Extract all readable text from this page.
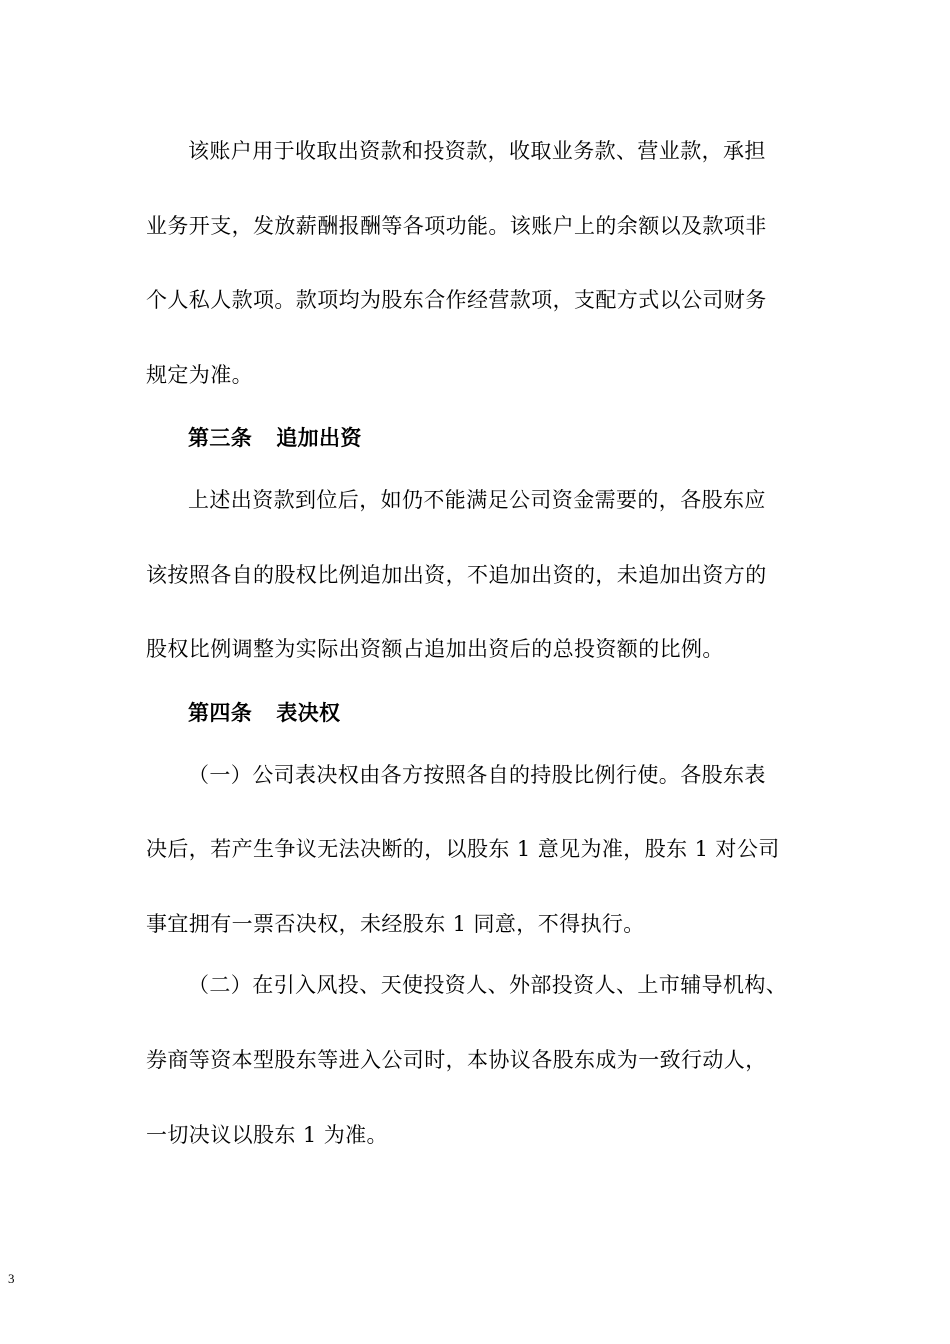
该账户用于收取出资款和投资款，收取业务款、营业款，承担
业务开支，发放薪酬报酬等各项功能。该账户上的余额以及款项非
个人私人款项。款项均为股东合作经营款项，支配方式以公司财务
规定为准。
第三条 追加出资
上述出资款到位后，如仍不能满足公司资金需要的，各股东应
该按照各自的股权比例追加出资，不追加出资的，未追加出资方的
股权比例调整为实际出资额占追加出资后的总投资额的比例。
第四条 表决权
（一）公司表决权由各方按照各自的持股比例行使。各股东表
决后，若产生争议无法决断的，以股东 1 意见为准，股东 1 对公司
事宜拥有一票否决权，未经股东 1 同意，不得执行。
（二）在引入风投、天使投资人、外部投资人、上市辅导机构、
券商等资本型股东等进入公司时，本协议各股东成为一致行动人，
一切决议以股东 1 为准。
3
